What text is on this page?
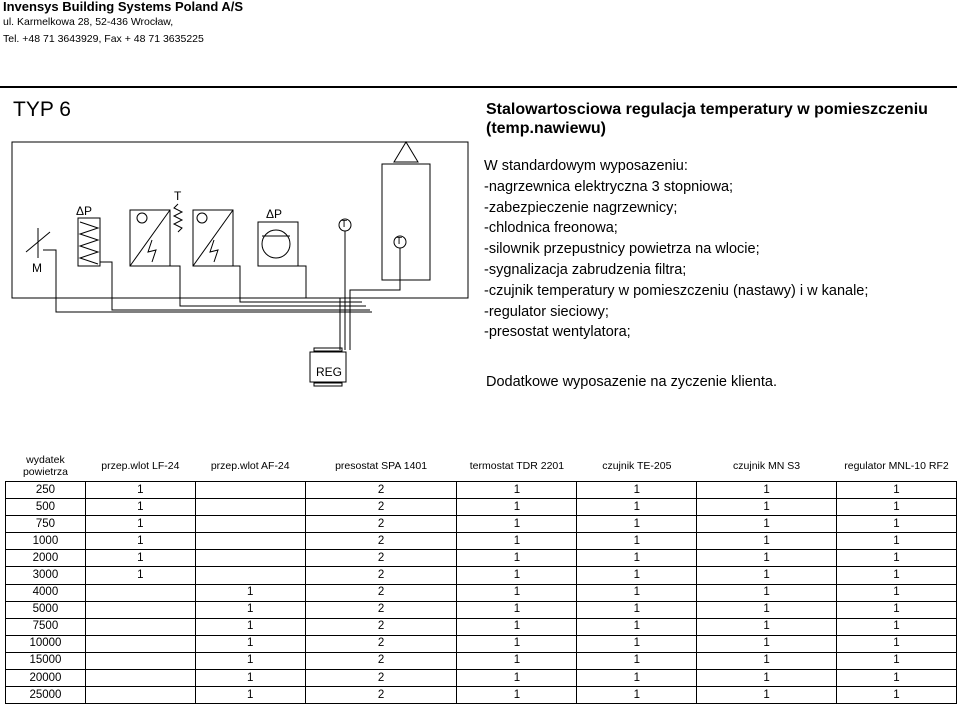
Invensys Building Systems Poland A/S
ul. Karmelkowa 28, 52-436 Wrocław,
Tel. +48 71 3643929, Fax + 48 71 3635225
TYP 6	Stalowartosciowa regulacja temperatury w pomieszczeniu (temp.nawiewu)
M
ΔP
T
ΔP
T
T
REG
W standardowym wyposazeniu:
-nagrzewnica elektryczna 3 stopniowa;
-zabezpieczenie nagrzewnicy;
-chlodnica freonowa;
-silownik przepustnicy powietrza na wlocie;
-sygnalizacja zabrudzenia filtra;
-czujnik temperatury w pomieszczeniu (nastawy) i w kanale;
-regulator sieciowy;
-presostat wentylatora;
Dodatkowe wyposazenie na zyczenie klienta.
wydatek
powietrza	przep.wlot LF-24	przep.wlot AF-24	presostat SPA 1401	termostat TDR 2201	czujnik TE-205	czujnik MN S3	regulator MNL-10 RF2
250	1		2	1	1	1	1
500	1		2	1	1	1	1
750	1		2	1	1	1	1
1000	1		2	1	1	1	1
2000	1		2	1	1	1	1
3000	1		2	1	1	1	1
4000		1	2	1	1	1	1
5000		1	2	1	1	1	1
7500		1	2	1	1	1	1
10000		1	2	1	1	1	1
15000		1	2	1	1	1	1
20000		1	2	1	1	1	1
25000		1	2	1	1	1	1
